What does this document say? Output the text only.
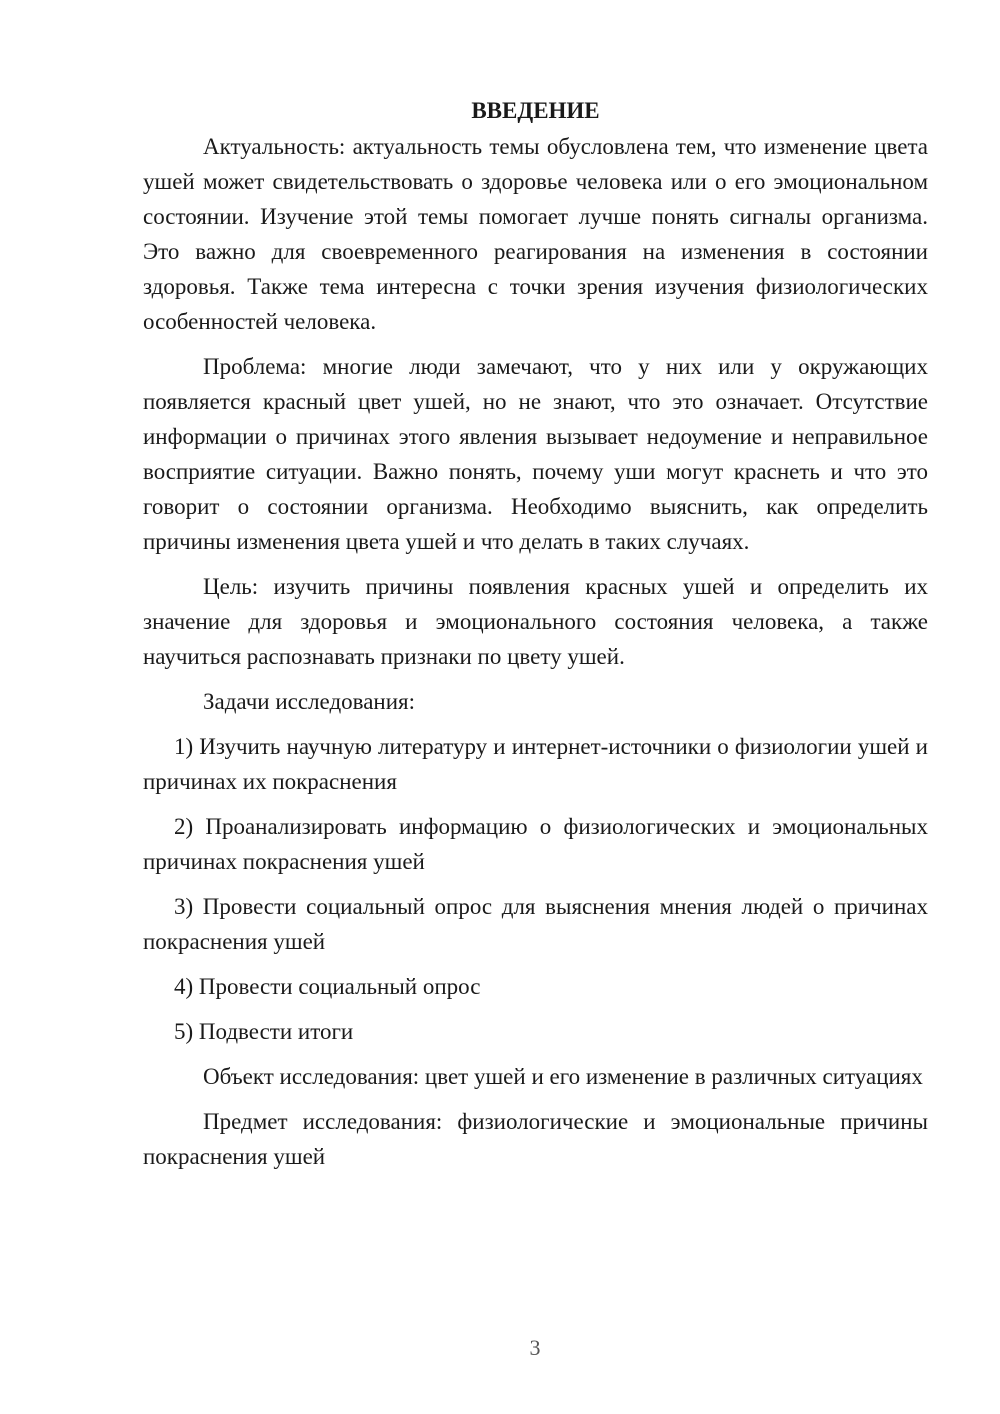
ВВЕДЕНИЕ

Актуальность: актуальность темы обусловлена тем, что изменение цвета ушей может свидетельствовать о здоровье человека или о его эмоциональном состоянии. Изучение этой темы помогает лучше понять сигналы организма. Это важно для своевременного реагирования на изменения в состоянии здоровья. Также тема интересна с точки зрения изучения физиологических особенностей человека.

Проблема: многие люди замечают, что у них или у окружающих появляется красный цвет ушей, но не знают, что это означает. Отсутствие информации о причинах этого явления вызывает недоумение и неправильное восприятие ситуации. Важно понять, почему уши могут краснеть и что это говорит о состоянии организма. Необходимо выяснить, как определить причины изменения цвета ушей и что делать в таких случаях.

Цель: изучить причины появления красных ушей и определить их значение для здоровья и эмоционального состояния человека, а также научиться распознавать признаки по цвету ушей.

Задачи исследования:

1) Изучить научную литературу и интернет-источники о физиологии ушей и причинах их покраснения

2) Проанализировать информацию о физиологических и эмоциональных причинах покраснения ушей

3) Провести социальный опрос для выяснения мнения людей о причинах покраснения ушей

4) Провести социальный опрос

5) Подвести итоги

Объект исследования: цвет ушей и его изменение в различных ситуациях

Предмет исследования: физиологические и эмоциональные причины покраснения ушей

3
